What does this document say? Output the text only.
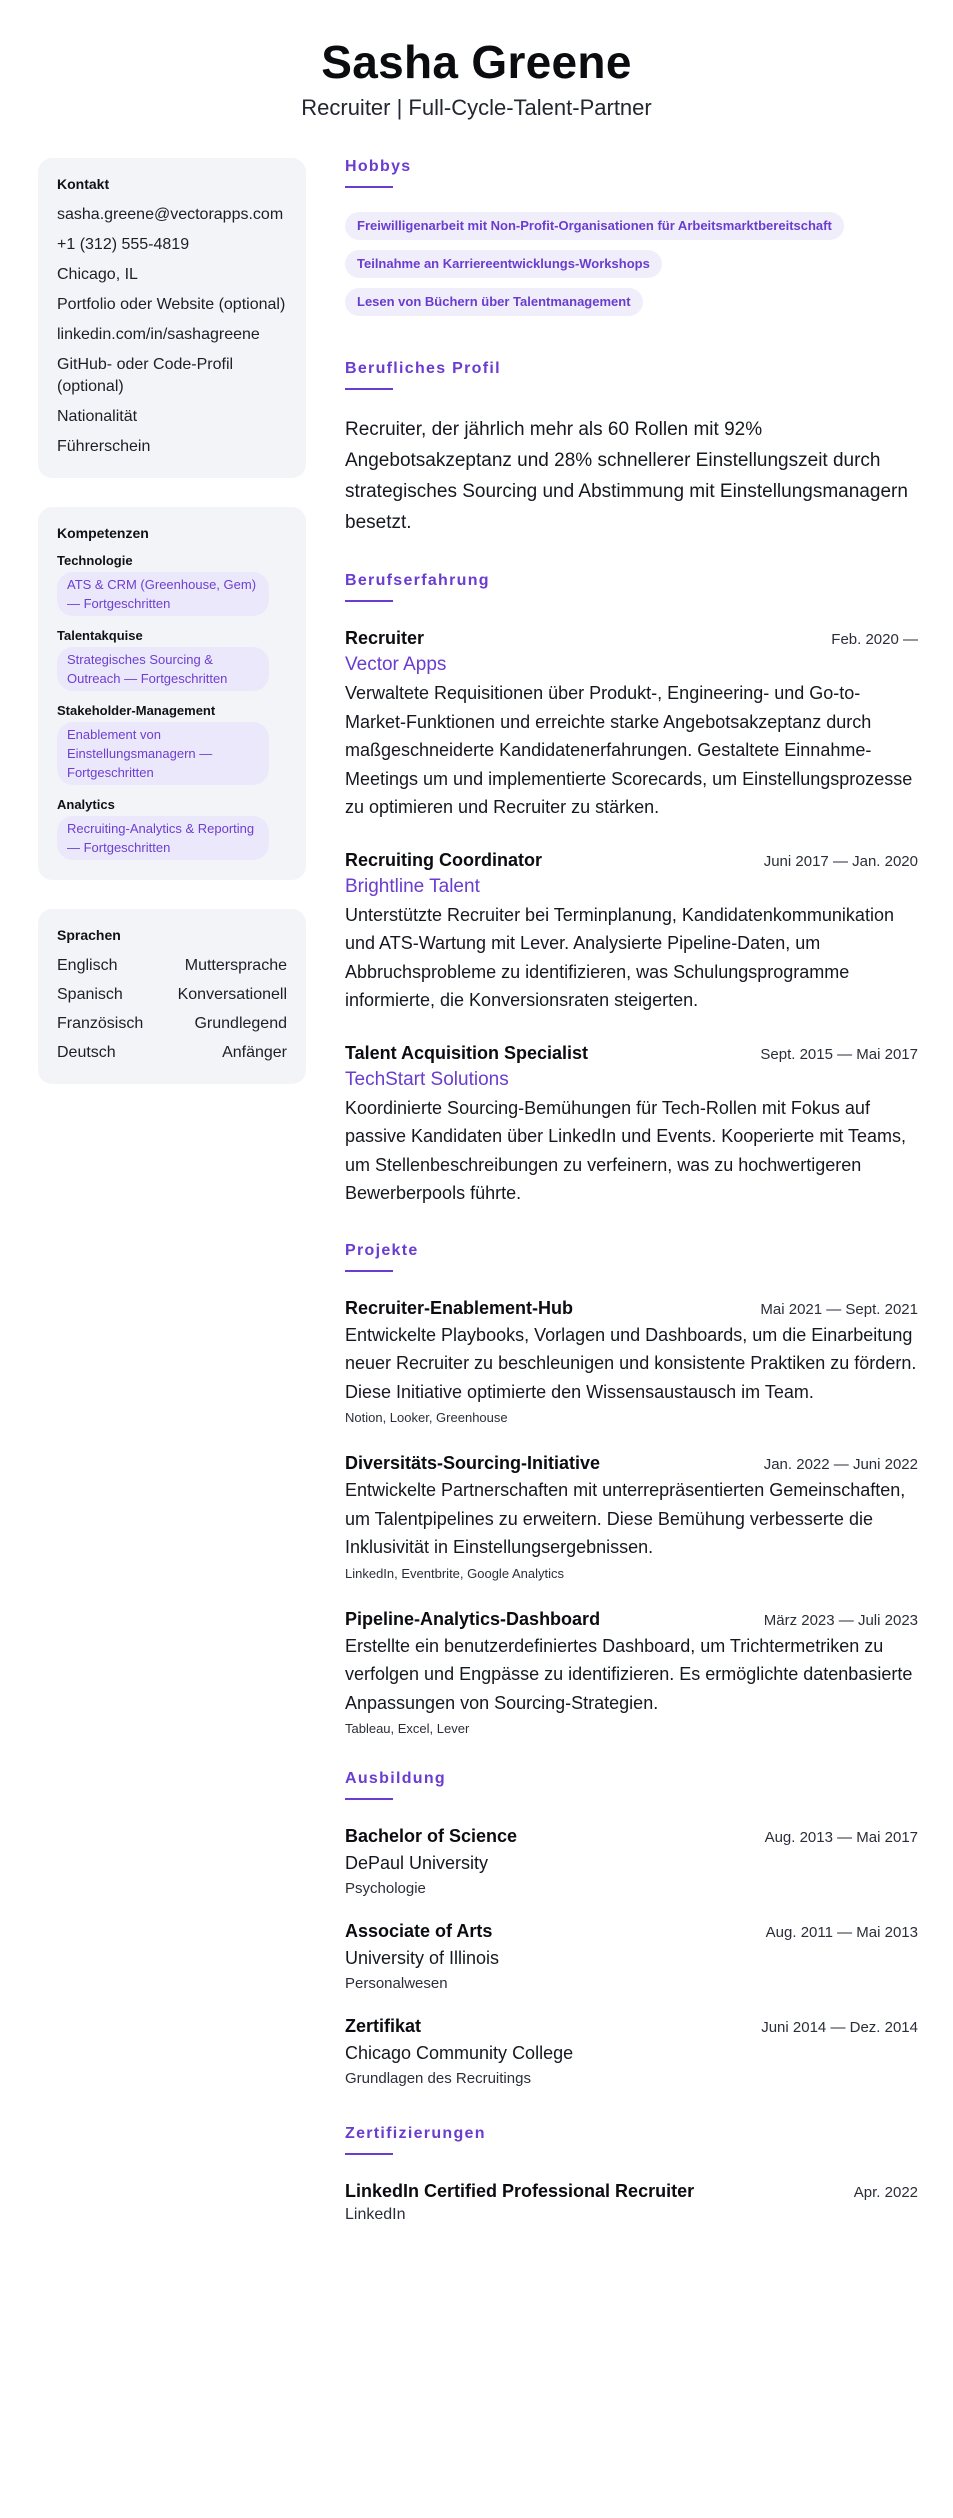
Sasha Greene
Recruiter | Full-Cycle-Talent-Partner
Kontakt
sasha.greene@vectorapps.com
+1 (312) 555-4819
Chicago, IL
Portfolio oder Website (optional)
linkedin.com/in/sashagreene
GitHub- oder Code-Profil (optional)
Nationalität
Führerschein
Kompetenzen
Technologie
ATS & CRM (Greenhouse, Gem) — Fortgeschritten
Talentakquise
Strategisches Sourcing & Outreach — Fortgeschritten
Stakeholder-Management
Enablement von Einstellungsmanagern — Fortgeschritten
Analytics
Recruiting-Analytics & Reporting — Fortgeschritten
Sprachen
Englisch	Muttersprache
Spanisch	Konversationell
Französisch	Grundlegend
Deutsch	Anfänger
Hobbys
Freiwilligenarbeit mit Non-Profit-Organisationen für Arbeitsmarktbereitschaft
Teilnahme an Karriereentwicklungs-Workshops
Lesen von Büchern über Talentmanagement
Berufliches Profil
Recruiter, der jährlich mehr als 60 Rollen mit 92% Angebotsakzeptanz und 28% schnellerer Einstellungszeit durch strategisches Sourcing und Abstimmung mit Einstellungsmanagern besetzt.
Berufserfahrung
Recruiter	Feb. 2020 —
Vector Apps
Verwaltete Requisitionen über Produkt-, Engineering- und Go-to-Market-Funktionen und erreichte starke Angebotsakzeptanz durch maßgeschneiderte Kandidatenerfahrungen. Gestaltete Einnahme-Meetings um und implementierte Scorecards, um Einstellungsprozesse zu optimieren und Recruiter zu stärken.
Recruiting Coordinator	Juni 2017 — Jan. 2020
Brightline Talent
Unterstützte Recruiter bei Terminplanung, Kandidatenkommunikation und ATS-Wartung mit Lever. Analysierte Pipeline-Daten, um Abbruchsprobleme zu identifizieren, was Schulungsprogramme informierte, die Konversionsraten steigerten.
Talent Acquisition Specialist	Sept. 2015 — Mai 2017
TechStart Solutions
Koordinierte Sourcing-Bemühungen für Tech-Rollen mit Fokus auf passive Kandidaten über LinkedIn und Events. Kooperierte mit Teams, um Stellenbeschreibungen zu verfeinern, was zu hochwertigeren Bewerberpools führte.
Projekte
Recruiter-Enablement-Hub	Mai 2021 — Sept. 2021
Entwickelte Playbooks, Vorlagen und Dashboards, um die Einarbeitung neuer Recruiter zu beschleunigen und konsistente Praktiken zu fördern. Diese Initiative optimierte den Wissensaustausch im Team.
Notion, Looker, Greenhouse
Diversitäts-Sourcing-Initiative	Jan. 2022 — Juni 2022
Entwickelte Partnerschaften mit unterrepräsentierten Gemeinschaften, um Talentpipelines zu erweitern. Diese Bemühung verbesserte die Inklusivität in Einstellungsergebnissen.
LinkedIn, Eventbrite, Google Analytics
Pipeline-Analytics-Dashboard	März 2023 — Juli 2023
Erstellte ein benutzerdefiniertes Dashboard, um Trichtermetriken zu verfolgen und Engpässe zu identifizieren. Es ermöglichte datenbasierte Anpassungen von Sourcing-Strategien.
Tableau, Excel, Lever
Ausbildung
Bachelor of Science	Aug. 2013 — Mai 2017
DePaul University
Psychologie
Associate of Arts	Aug. 2011 — Mai 2013
University of Illinois
Personalwesen
Zertifikat	Juni 2014 — Dez. 2014
Chicago Community College
Grundlagen des Recruitings
Zertifizierungen
LinkedIn Certified Professional Recruiter	Apr. 2022
LinkedIn
